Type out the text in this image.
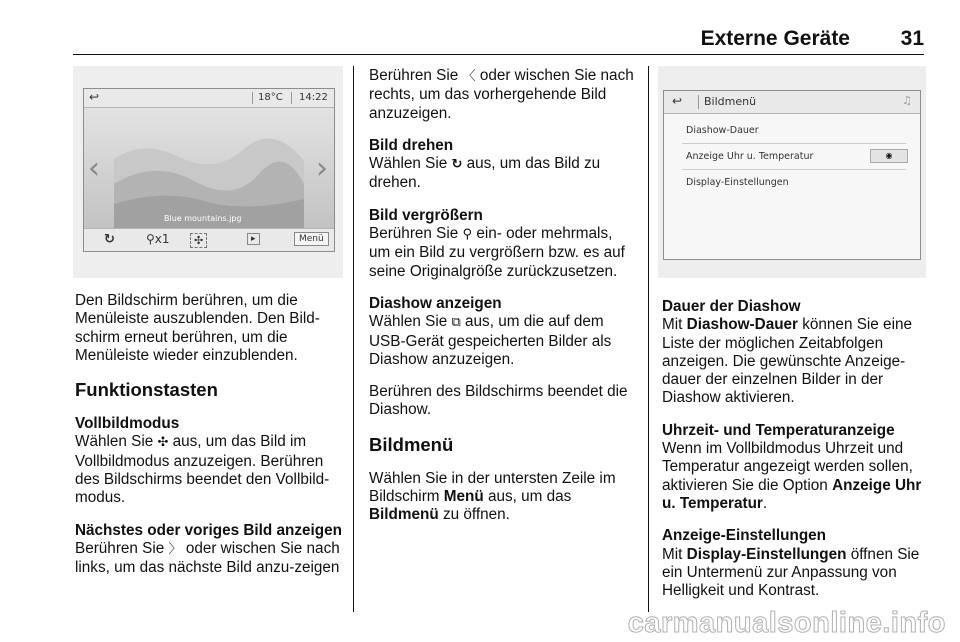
Externe Geräte 31
↩	18°C 14:22
‹	›
Blue mountains.jpg
↻	⚲x1	✣	▸	Menü
↩ Bildmenü	♫
Diashow-Dauer
Anzeige Uhr u. Temperatur	◉
Display-Einstellungen

Den Bildschirm berühren, um die Menüleiste auszublenden. Den Bild-schirm erneut berühren, um die Menüleiste wieder einzublenden.

Funktionstasten
Vollbildmodus

Wählen Sie ✣ aus, um das Bild im Vollbildmodus anzuzeigen. Berühren des Bildschirms beendet den Vollbild-modus.

Nächstes oder voriges Bild anzeigen

Berühren Sie 〉 oder wischen Sie nach links, um das nächste Bild anzu-zeigen

Berühren Sie 〈 oder wischen Sie nach rechts, um das vorhergehende Bild anzuzeigen.

Bild drehen

Wählen Sie ↻ aus, um das Bild zu drehen.

Bild vergrößern

Berühren Sie ⚲ ein- oder mehrmals, um ein Bild zu vergrößern bzw. es auf seine Originalgröße zurückzusetzen.

Diashow anzeigen

Wählen Sie ⧉ aus, um die auf dem USB-Gerät gespeicherten Bilder als Diashow anzuzeigen.

Berühren des Bildschirms beendet die Diashow.

Bildmenü

Wählen Sie in der untersten Zeile im Bildschirm Menü aus, um das Bildmenü zu öffnen.

Dauer der Diashow

Mit Diashow-Dauer können Sie eine Liste der möglichen Zeitabfolgen anzeigen. Die gewünschte Anzeige-dauer der einzelnen Bilder in der Diashow aktivieren.

Uhrzeit- und Temperaturanzeige

Wenn im Vollbildmodus Uhrzeit und Temperatur angezeigt werden sollen, aktivieren Sie die Option Anzeige Uhr u. Temperatur.

Anzeige-Einstellungen

Mit Display-Einstellungen öffnen Sie ein Untermenü zur Anpassung von Helligkeit und Kontrast.

carmanualsonline.info
